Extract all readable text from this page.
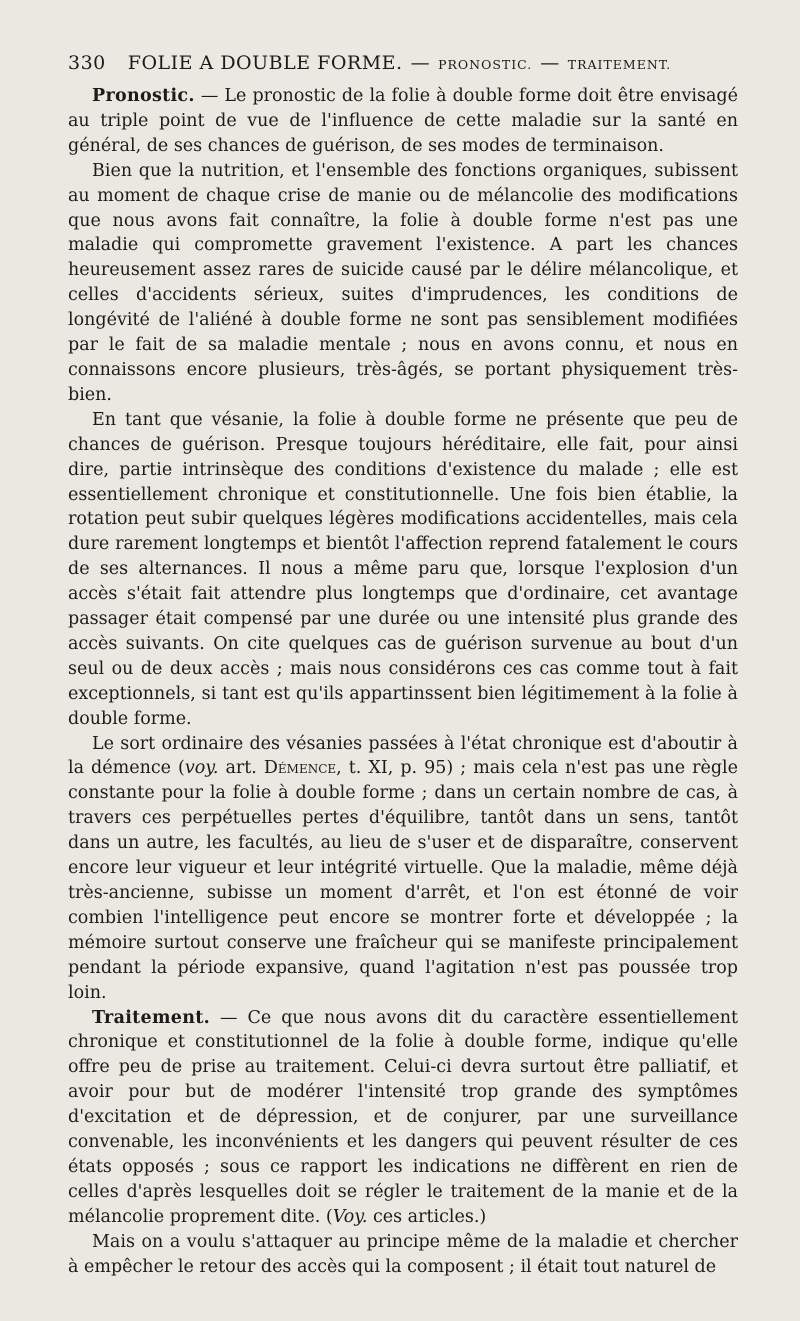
330 FOLIE A DOUBLE FORME. — PRONOSTIC. — TRAITEMENT.

Pronostic. — Le pronostic de la folie à double forme doit être envisagé au triple point de vue de l'influence de cette maladie sur la santé en général, de ses chances de guérison, de ses modes de terminaison.

Bien que la nutrition, et l'ensemble des fonctions organiques, subissent au moment de chaque crise de manie ou de mélancolie des modifications que nous avons fait connaître, la folie à double forme n'est pas une maladie qui compromette gravement l'existence. A part les chances heureusement assez rares de suicide causé par le délire mélancolique, et celles d'accidents sérieux, suites d'imprudences, les conditions de longévité de l'aliéné à double forme ne sont pas sensiblement modifiées par le fait de sa maladie mentale ; nous en avons connu, et nous en connaissons encore plusieurs, très-âgés, se portant physiquement très-bien.

En tant que vésanie, la folie à double forme ne présente que peu de chances de guérison. Presque toujours héréditaire, elle fait, pour ainsi dire, partie intrinsèque des conditions d'existence du malade ; elle est essentiellement chronique et constitutionnelle. Une fois bien établie, la rotation peut subir quelques légères modifications accidentelles, mais cela dure rarement longtemps et bientôt l'affection reprend fatalement le cours de ses alternances. Il nous a même paru que, lorsque l'explosion d'un accès s'était fait attendre plus longtemps que d'ordinaire, cet avantage passager était compensé par une durée ou une intensité plus grande des accès suivants. On cite quelques cas de guérison survenue au bout d'un seul ou de deux accès ; mais nous considérons ces cas comme tout à fait exceptionnels, si tant est qu'ils appartinssent bien légitimement à la folie à double forme.

Le sort ordinaire des vésanies passées à l'état chronique est d'aboutir à la démence (voy. art. Démence, t. XI, p. 95) ; mais cela n'est pas une règle constante pour la folie à double forme ; dans un certain nombre de cas, à travers ces perpétuelles pertes d'équilibre, tantôt dans un sens, tantôt dans un autre, les facultés, au lieu de s'user et de disparaître, conservent encore leur vigueur et leur intégrité virtuelle. Que la maladie, même déjà très-ancienne, subisse un moment d'arrêt, et l'on est étonné de voir combien l'intelligence peut encore se montrer forte et développée ; la mémoire surtout conserve une fraîcheur qui se manifeste principalement pendant la période expansive, quand l'agitation n'est pas poussée trop loin.

Traitement. — Ce que nous avons dit du caractère essentiellement chronique et constitutionnel de la folie à double forme, indique qu'elle offre peu de prise au traitement. Celui-ci devra surtout être palliatif, et avoir pour but de modérer l'intensité trop grande des symptômes d'excitation et de dépression, et de conjurer, par une surveillance convenable, les inconvénients et les dangers qui peuvent résulter de ces états opposés ; sous ce rapport les indications ne diffèrent en rien de celles d'après lesquelles doit se régler le traitement de la manie et de la mélancolie proprement dite. (Voy. ces articles.)

Mais on a voulu s'attaquer au principe même de la maladie et chercher à empêcher le retour des accès qui la composent ; il était tout naturel de
